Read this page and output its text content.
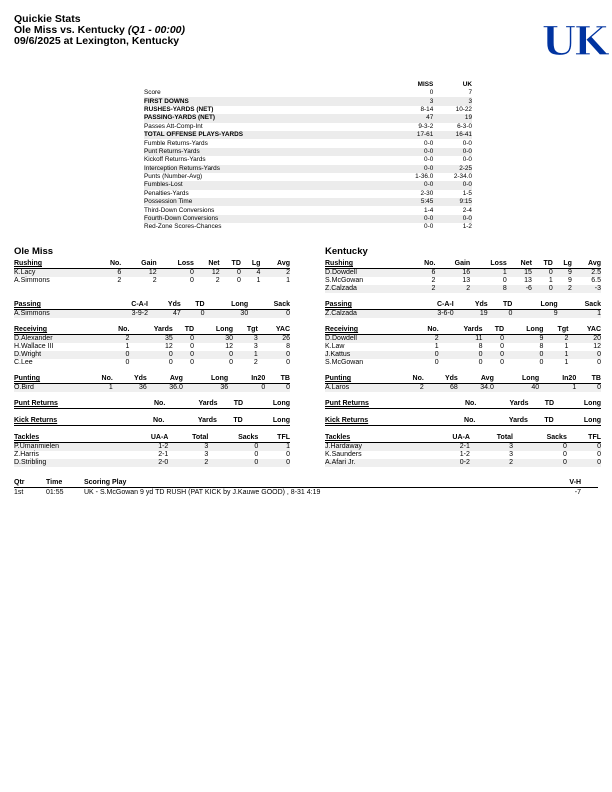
Quickie Stats
Ole Miss vs. Kentucky (Q1 - 00:00)
09/6/2025 at Lexington, Kentucky	UK
	MISS	UK
Score	0	7
FIRST DOWNS	3	3
RUSHES-YARDS (NET)	8-14	10-22
PASSING-YARDS (NET)	47	19
Passes Att-Comp-Int	9-3-2	6-3-0
TOTAL OFFENSE PLAYS-YARDS	17-61	16-41
Fumble Returns-Yards	0-0	0-0
Punt Returns-Yards	0-0	0-0
Kickoff Returns-Yards	0-0	0-0
Interception Returns-Yards	0-0	2-25
Punts (Number-Avg)	1-36.0	2-34.0
Fumbles-Lost	0-0	0-0
Penalties-Yards	2-30	1-5
Possession Time	5:45	9:15
Third-Down Conversions	1-4	2-4
Fourth-Down Conversions	0-0	0-0
Red-Zone Scores-Chances	0-0	1-2
Ole Miss
Rushing	No.	Gain	Loss	Net	TD	Lg	Avg
K.Lacy	6	12	0	12	0	4	2
A.Simmons	2	2	0	2	0	1	1

Passing	C-A-I	Yds	TD	Long	Sack
A.Simmons	3-9-2	47	0	30	0
Receiving	No.	Yards	TD	Long	Tgt	YAC
D.Alexander	2	35	0	30	3	26
H.Wallace III	1	12	0	12	3	8
D.Wright	0	0	0	0	1	0
C.Lee	0	0	0	0	2	0
Punting	No.	Yds	Avg	Long	In20	TB
O.Bird	1	36	36.0	36	0	0
Punt Returns	No.	Yards	TD	Long
Kick Returns	No.	Yards	TD	Long
Tackles	UA-A	Total	Sacks	TFL
P.Umanmielen	1-2	3	0	1
Z.Harris	2-1	3	0	0
D.Stribling	2-0	2	0	0
Kentucky
Rushing	No.	Gain	Loss	Net	TD	Lg	Avg
D.Dowdell	6	16	1	15	0	9	2.5
S.McGowan	2	13	0	13	1	9	6.5
Z.Calzada	2	2	8	-6	0	2	-3
Passing	C-A-I	Yds	TD	Long	Sack
Z.Calzada	3-6-0	19	0	9	1
Receiving	No.	Yards	TD	Long	Tgt	YAC
D.Dowdell	2	11	0	9	2	20
K.Law	1	8	0	8	1	12
J.Kattus	0	0	0	0	1	0
S.McGowan	0	0	0	0	1	0
Punting	No.	Yds	Avg	Long	In20	TB
A.Laros	2	68	34.0	40	1	0
Punt Returns	No.	Yards	TD	Long
Kick Returns	No.	Yards	TD	Long
Tackles	UA-A	Total	Sacks	TFL
J.Hardaway	2-1	3	0	0
K.Saunders	1-2	3	0	0
A.Afari Jr.	0-2	2	0	0
Qtr	Time	Scoring Play	V-H
1st	01:55	UK - S.McGowan 9 yd TD RUSH (PAT KICK by J.Kauwe GOOD) , 8-31 4:19	-7
